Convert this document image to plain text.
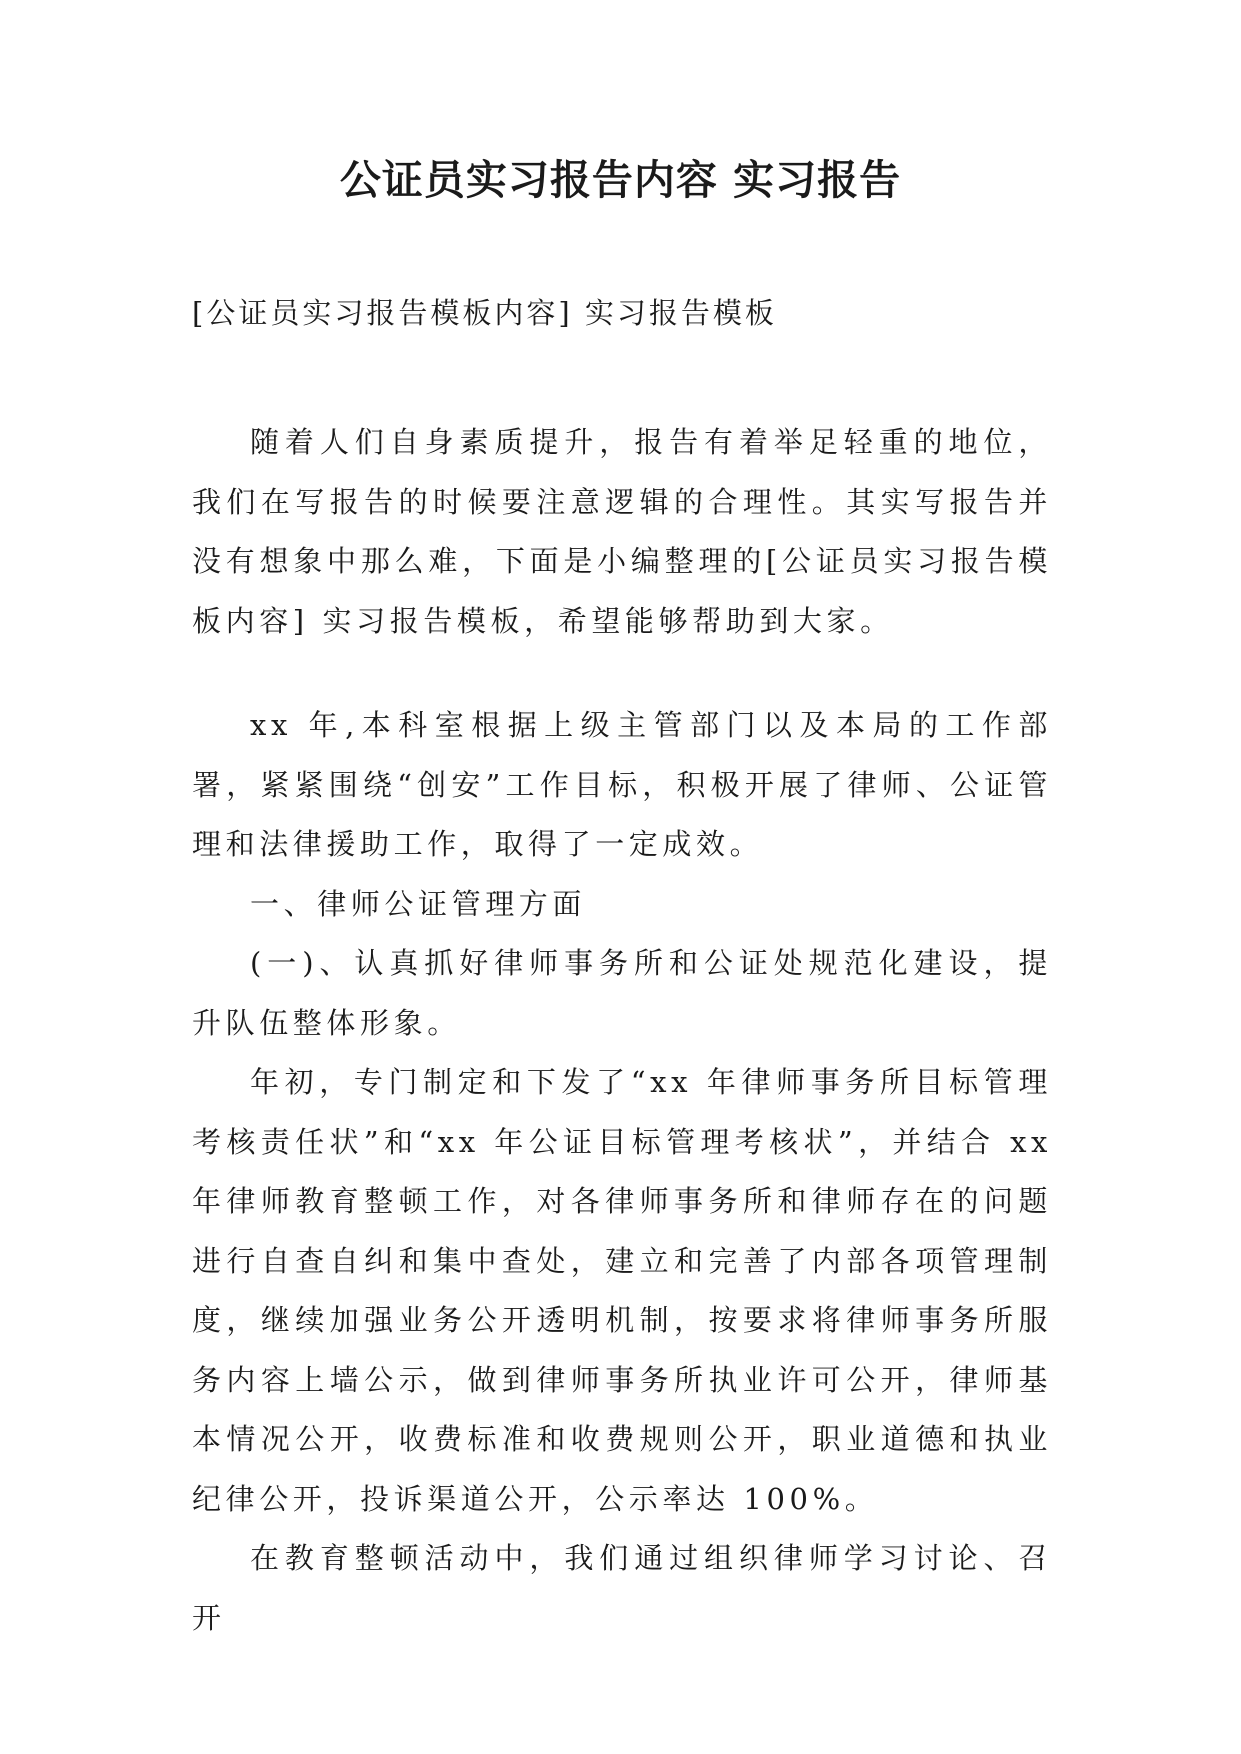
公证员实习报告内容 实习报告

[公证员实习报告模板内容] 实习报告模板

随着人们自身素质提升，报告有着举足轻重的地位，我们在写报告的时候要注意逻辑的合理性。其实写报告并没有想象中那么难，下面是小编整理的[公证员实习报告模板内容] 实习报告模板，希望能够帮助到大家。

xx 年,本科室根据上级主管部门以及本局的工作部署，紧紧围绕“创安”工作目标，积极开展了律师、公证管理和法律援助工作，取得了一定成效。

一、律师公证管理方面

(一)、认真抓好律师事务所和公证处规范化建设，提升队伍整体形象。

年初，专门制定和下发了“xx 年律师事务所目标管理考核责任状”和“xx 年公证目标管理考核状”，并结合 xx 年律师教育整顿工作，对各律师事务所和律师存在的问题进行自查自纠和集中查处，建立和完善了内部各项管理制度，继续加强业务公开透明机制，按要求将律师事务所服务内容上墙公示，做到律师事务所执业许可公开，律师基本情况公开，收费标准和收费规则公开，职业道德和执业纪律公开，投诉渠道公开，公示率达 100%。

在教育整顿活动中，我们通过组织律师学习讨论、召开
